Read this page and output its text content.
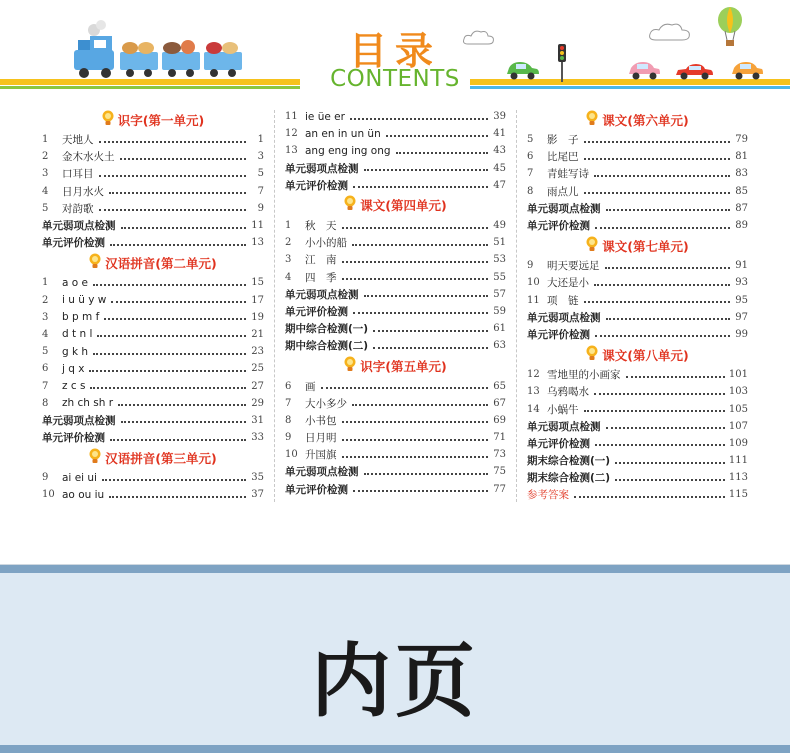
目录
CONTENTS
识字(第一单元)
1	天地人	1
2	金木水火土	3
3	口耳目	5
4	日月水火	7
5	对韵歌	9
单元弱项点检测	11
单元评价检测	13
汉语拼音(第二单元)
1	a o e	15
2	i u ü y w	17
3	b p m f	19
4	d t n l	21
5	g k h	23
6	j q x	25
7	z c s	27
8	zh ch sh r	29
单元弱项点检测	31
单元评价检测	33
汉语拼音(第三单元)
9	ai ei ui	35
10 ao ou iu	37
11 ie üe er	39
12 an en in un ün	41
13 ang eng ing ong	43
单元弱项点检测	45
单元评价检测	47
课文(第四单元)
1	秋　天	49
2	小小的船	51
3	江　南	53
4	四　季	55
单元弱项点检测	57
单元评价检测	59
期中综合检测(一)	61
期中综合检测(二)	63
识字(第五单元)
6	画	65
7	大小多少	67
8	小书包	69
9	日月明	71
10 升国旗	73
单元弱项点检测	75
单元评价检测	77
课文(第六单元)
5	影　子	79
6	比尾巴	81
7	青蛙写诗	83
8	雨点儿	85
单元弱项点检测	87
单元评价检测	89
课文(第七单元)
9	明天要远足	91
10 大还是小	93
11 项　链	95
单元弱项点检测	97
单元评价检测	99
课文(第八单元)
12 雪地里的小画家	101
13 乌鸦喝水	103
14 小蜗牛	105
单元弱项点检测	107
单元评价检测	109
期末综合检测(一)	111
期末综合检测(二)	113
参考答案	115
内页
